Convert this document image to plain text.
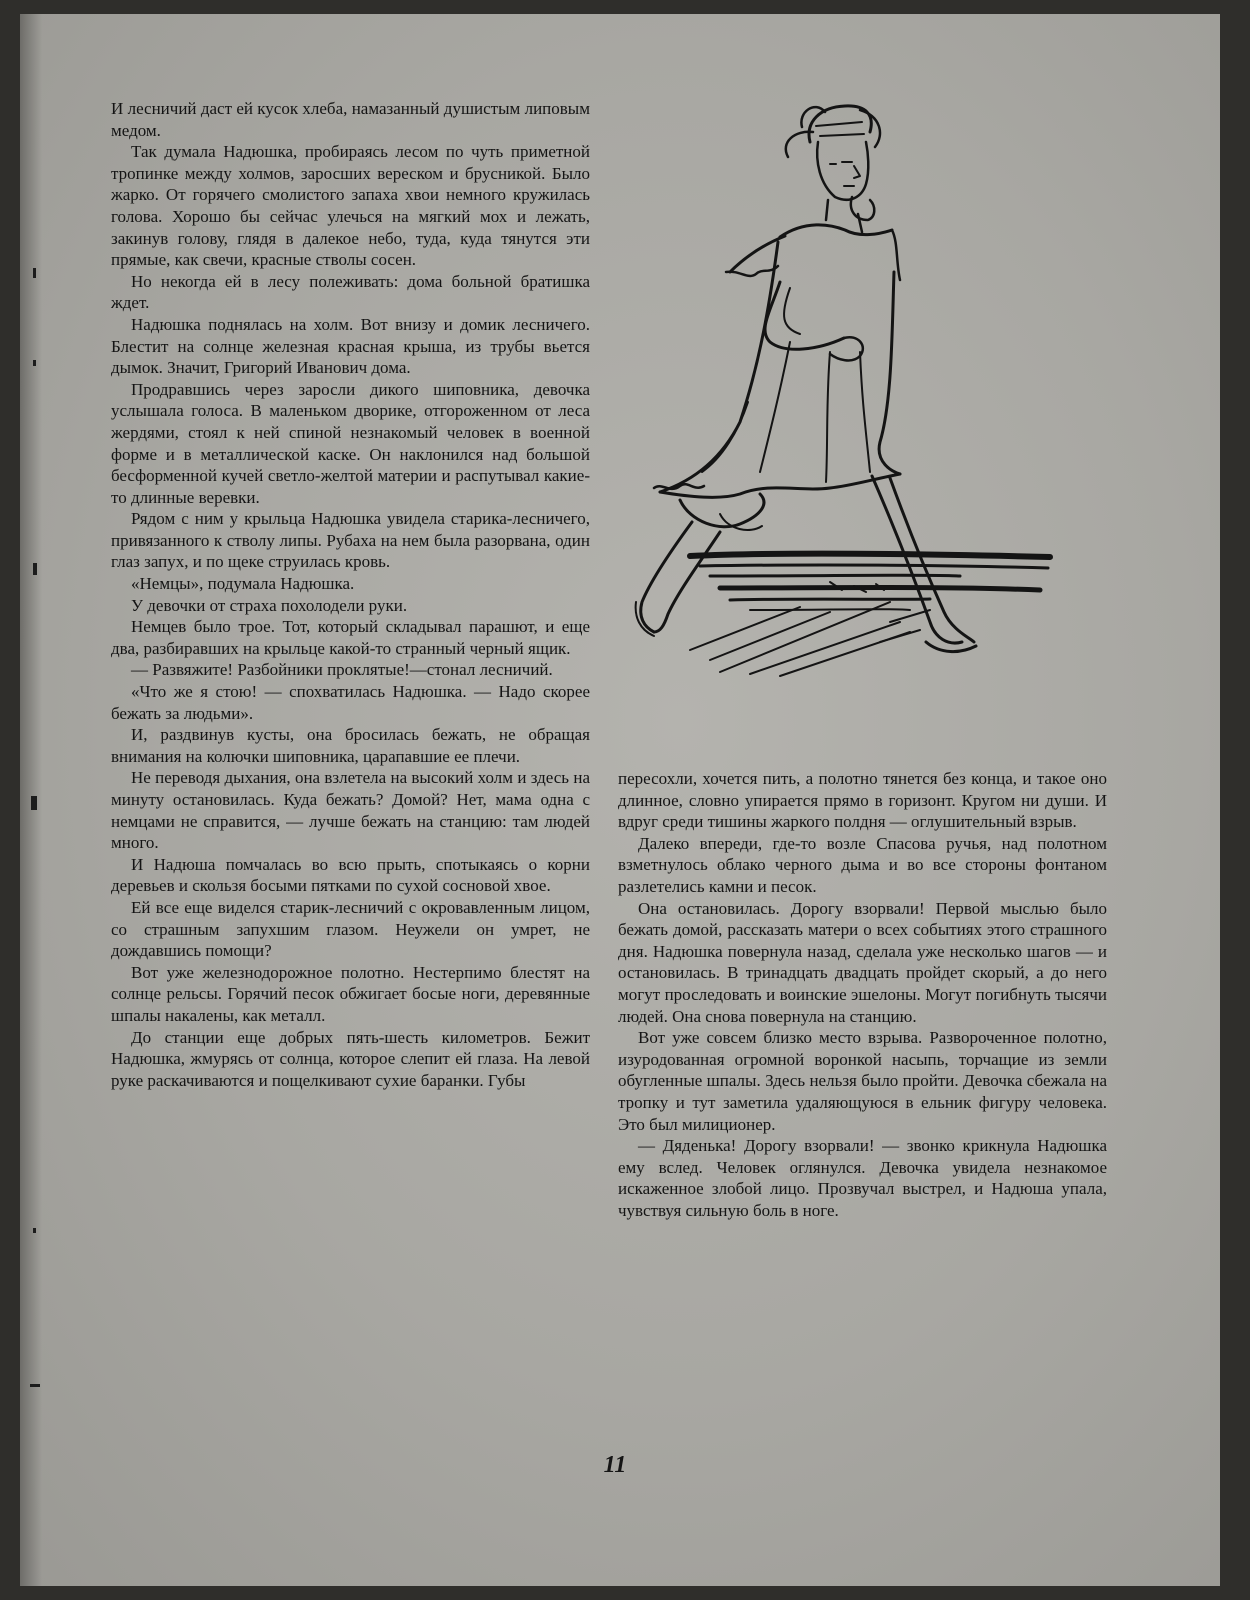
И лесничий даст ей кусок хлеба, намазанный душистым липовым медом.

Так думала Надюшка, пробираясь лесом по чуть приметной тропинке между холмов, заросших вереском и брусникой. Было жарко. От горячего смолистого запаха хвои немного кружилась голова. Хорошо бы сейчас улечься на мягкий мох и лежать, закинув голову, глядя в далекое небо, туда, куда тянутся эти прямые, как свечи, красные стволы сосен.

Но некогда ей в лесу полеживать: дома больной братишка ждет.

Надюшка поднялась на холм. Вот внизу и домик лесничего. Блестит на солнце железная красная крыша, из трубы вьется дымок. Значит, Григорий Иванович дома.

Продравшись через заросли дикого шиповника, девочка услышала голоса. В маленьком дворике, отгороженном от леса жердями, стоял к ней спиной незнакомый человек в военной форме и в металлической каске. Он наклонился над большой бесформенной кучей светло-желтой материи и распутывал какие-то длинные веревки.

Рядом с ним у крыльца Надюшка увидела старика-лесничего, привязанного к стволу липы. Рубаха на нем была разорвана, один глаз запух, и по щеке струилась кровь.

«Немцы», подумала Надюшка.

У девочки от страха похолодели руки.

Немцев было трое. Тот, который складывал парашют, и еще два, разбиравших на крыльце какой-то странный черный ящик.

— Развяжите! Разбойники проклятые!—стонал лесничий.

«Что же я стою! — спохватилась Надюшка. — Надо скорее бежать за людьми».

И, раздвинув кусты, она бросилась бежать, не обращая внимания на колючки шиповника, царапавшие ее плечи.

Не переводя дыхания, она взлетела на высокий холм и здесь на минуту остановилась. Куда бежать? Домой? Нет, мама одна с немцами не справится, — лучше бежать на станцию: там людей много.

И Надюша помчалась во всю прыть, спотыкаясь о корни деревьев и скользя босыми пятками по сухой сосновой хвое.

Ей все еще виделся старик-лесничий с окровавленным лицом, со страшным запухшим глазом. Неужели он умрет, не дождавшись помощи?

Вот уже железнодорожное полотно. Нестерпимо блестят на солнце рельсы. Горячий песок обжигает босые ноги, деревянные шпалы накалены, как металл.

До станции еще добрых пять-шесть километров. Бежит Надюшка, жмурясь от солнца, которое слепит ей глаза. На левой руке раскачиваются и пощелкивают сухие баранки. Губы

пересохли, хочется пить, а полотно тянется без конца, и такое оно длинное, словно упирается прямо в горизонт. Кругом ни души. И вдруг среди тишины жаркого полдня — оглушительный взрыв.

Далеко впереди, где-то возле Спасова ручья, над полотном взметнулось облако черного дыма и во все стороны фонтаном разлетелись камни и песок.

Она остановилась. Дорогу взорвали! Первой мыслью было бежать домой, рассказать матери о всех событиях этого страшного дня. Надюшка повернула назад, сделала уже несколько шагов — и остановилась. В тринадцать двадцать пройдет скорый, а до него могут проследовать и воинские эшелоны. Могут погибнуть тысячи людей. Она снова повернула на станцию.

Вот уже совсем близко место взрыва. Развороченное полотно, изуродованная огромной воронкой насыпь, торчащие из земли обугленные шпалы. Здесь нельзя было пройти. Девочка сбежала на тропку и тут заметила удаляющуюся в ельник фигуру человека. Это был милиционер.

— Дяденька! Дорогу взорвали! — звонко крикнула Надюшка ему вслед. Человек оглянулся. Девочка увидела незнакомое искаженное злобой лицо. Прозвучал выстрел, и Надюша упала, чувствуя сильную боль в ноге.

11
